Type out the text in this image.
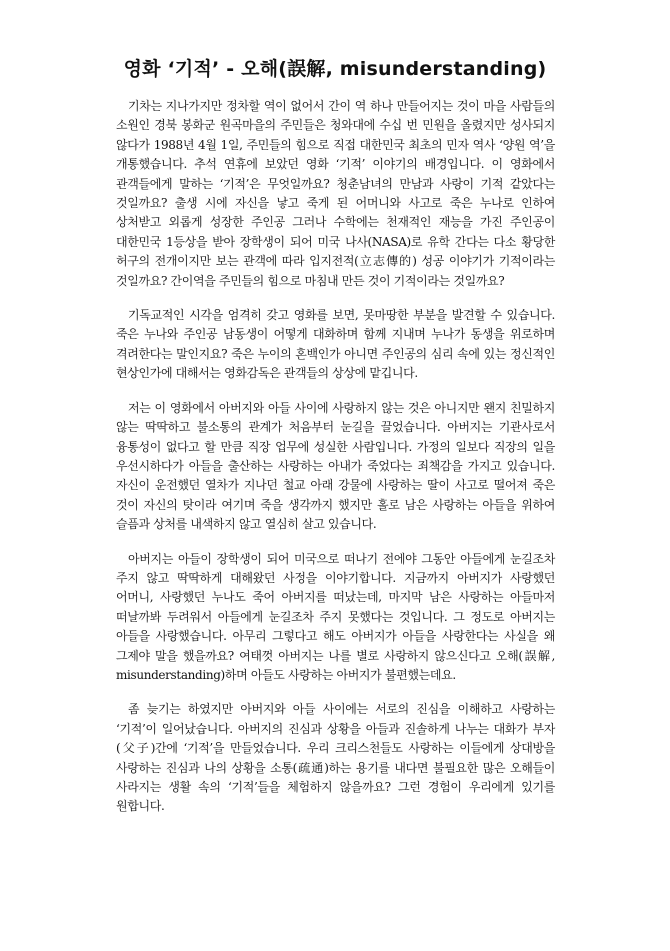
영화 ‘기적’ - 오해(誤解, misunderstanding)

기차는 지나가지만 정차할 역이 없어서 간이 역 하나 만들어지는 것이 마을 사람들의 소원인 경북 봉화군 원곡마을의 주민들은 청와대에 수십 번 민원을 올렸지만 성사되지 않다가 1988년 4월 1일, 주민들의 힘으로 직접 대한민국 최초의 민자 역사 ‘양원 역’을 개통했습니다. 추석 연휴에 보았던 영화 ‘기적’ 이야기의 배경입니다. 이 영화에서 관객들에게 말하는 ‘기적’은 무엇일까요? 청춘남녀의 만남과 사랑이 기적 같았다는 것일까요? 출생 시에 자신을 낳고 죽게 된 어머니와 사고로 죽은 누나로 인하여 상처받고 외롭게 성장한 주인공 그러나 수학에는 천재적인 재능을 가진 주인공이 대한민국 1등상을 받아 장학생이 되어 미국 나사(NASA)로 유학 간다는 다소 황당한 허구의 전개이지만 보는 관객에 따라 입지전적(立志傳的) 성공 이야기가 기적이라는 것일까요? 간이역을 주민들의 힘으로 마침내 만든 것이 기적이라는 것일까요?

기독교적인 시각을 엄격히 갖고 영화를 보면, 못마땅한 부분을 발견할 수 있습니다. 죽은 누나와 주인공 남동생이 어떻게 대화하며 함께 지내며 누나가 동생을 위로하며 격려한다는 말인지요? 죽은 누이의 혼백인가 아니면 주인공의 심리 속에 있는 정신적인 현상인가에 대해서는 영화감독은 관객들의 상상에 맡깁니다.

저는 이 영화에서 아버지와 아들 사이에 사랑하지 않는 것은 아니지만 왠지 친밀하지 않는 딱딱하고 불소통의 관계가 처음부터 눈길을 끌었습니다. 아버지는 기관사로서 융통성이 없다고 할 만큼 직장 업무에 성실한 사람입니다. 가정의 일보다 직장의 일을 우선시하다가 아들을 출산하는 사랑하는 아내가 죽었다는 죄책감을 가지고 있습니다. 자신이 운전했던 열차가 지나던 철교 아래 강물에 사랑하는 딸이 사고로 떨어져 죽은 것이 자신의 탓이라 여기며 죽을 생각까지 했지만 홀로 남은 사랑하는 아들을 위하여 슬픔과 상처를 내색하지 않고 열심히 살고 있습니다.

아버지는 아들이 장학생이 되어 미국으로 떠나기 전에야 그동안 아들에게 눈길조차 주지 않고 딱딱하게 대해왔던 사정을 이야기합니다. 지금까지 아버지가 사랑했던 어머니, 사랑했던 누나도 죽어 아버지를 떠났는데, 마지막 남은 사랑하는 아들마저 떠날까봐 두려워서 아들에게 눈길조차 주지 못했다는 것입니다. 그 정도로 아버지는 아들을 사랑했습니다. 아무리 그렇다고 해도 아버지가 아들을 사랑한다는 사실을 왜 그제야 말을 했을까요? 여태껏 아버지는 나를 별로 사랑하지 않으신다고 오해(誤解, misunderstanding)하며 아들도 사랑하는 아버지가 불편했는데요.

좀 늦기는 하였지만 아버지와 아들 사이에는 서로의 진심을 이해하고 사랑하는 ‘기적’이 일어났습니다. 아버지의 진심과 상황을 아들과 진솔하게 나누는 대화가 부자(父子)간에 ‘기적’을 만들었습니다. 우리 크리스천들도 사랑하는 이들에게 상대방을 사랑하는 진심과 나의 상황을 소통(疏通)하는 용기를 내다면 불필요한 많은 오해들이 사라지는 생활 속의 ‘기적’들을 체험하지 않을까요? 그런 경험이 우리에게 있기를 원합니다.
